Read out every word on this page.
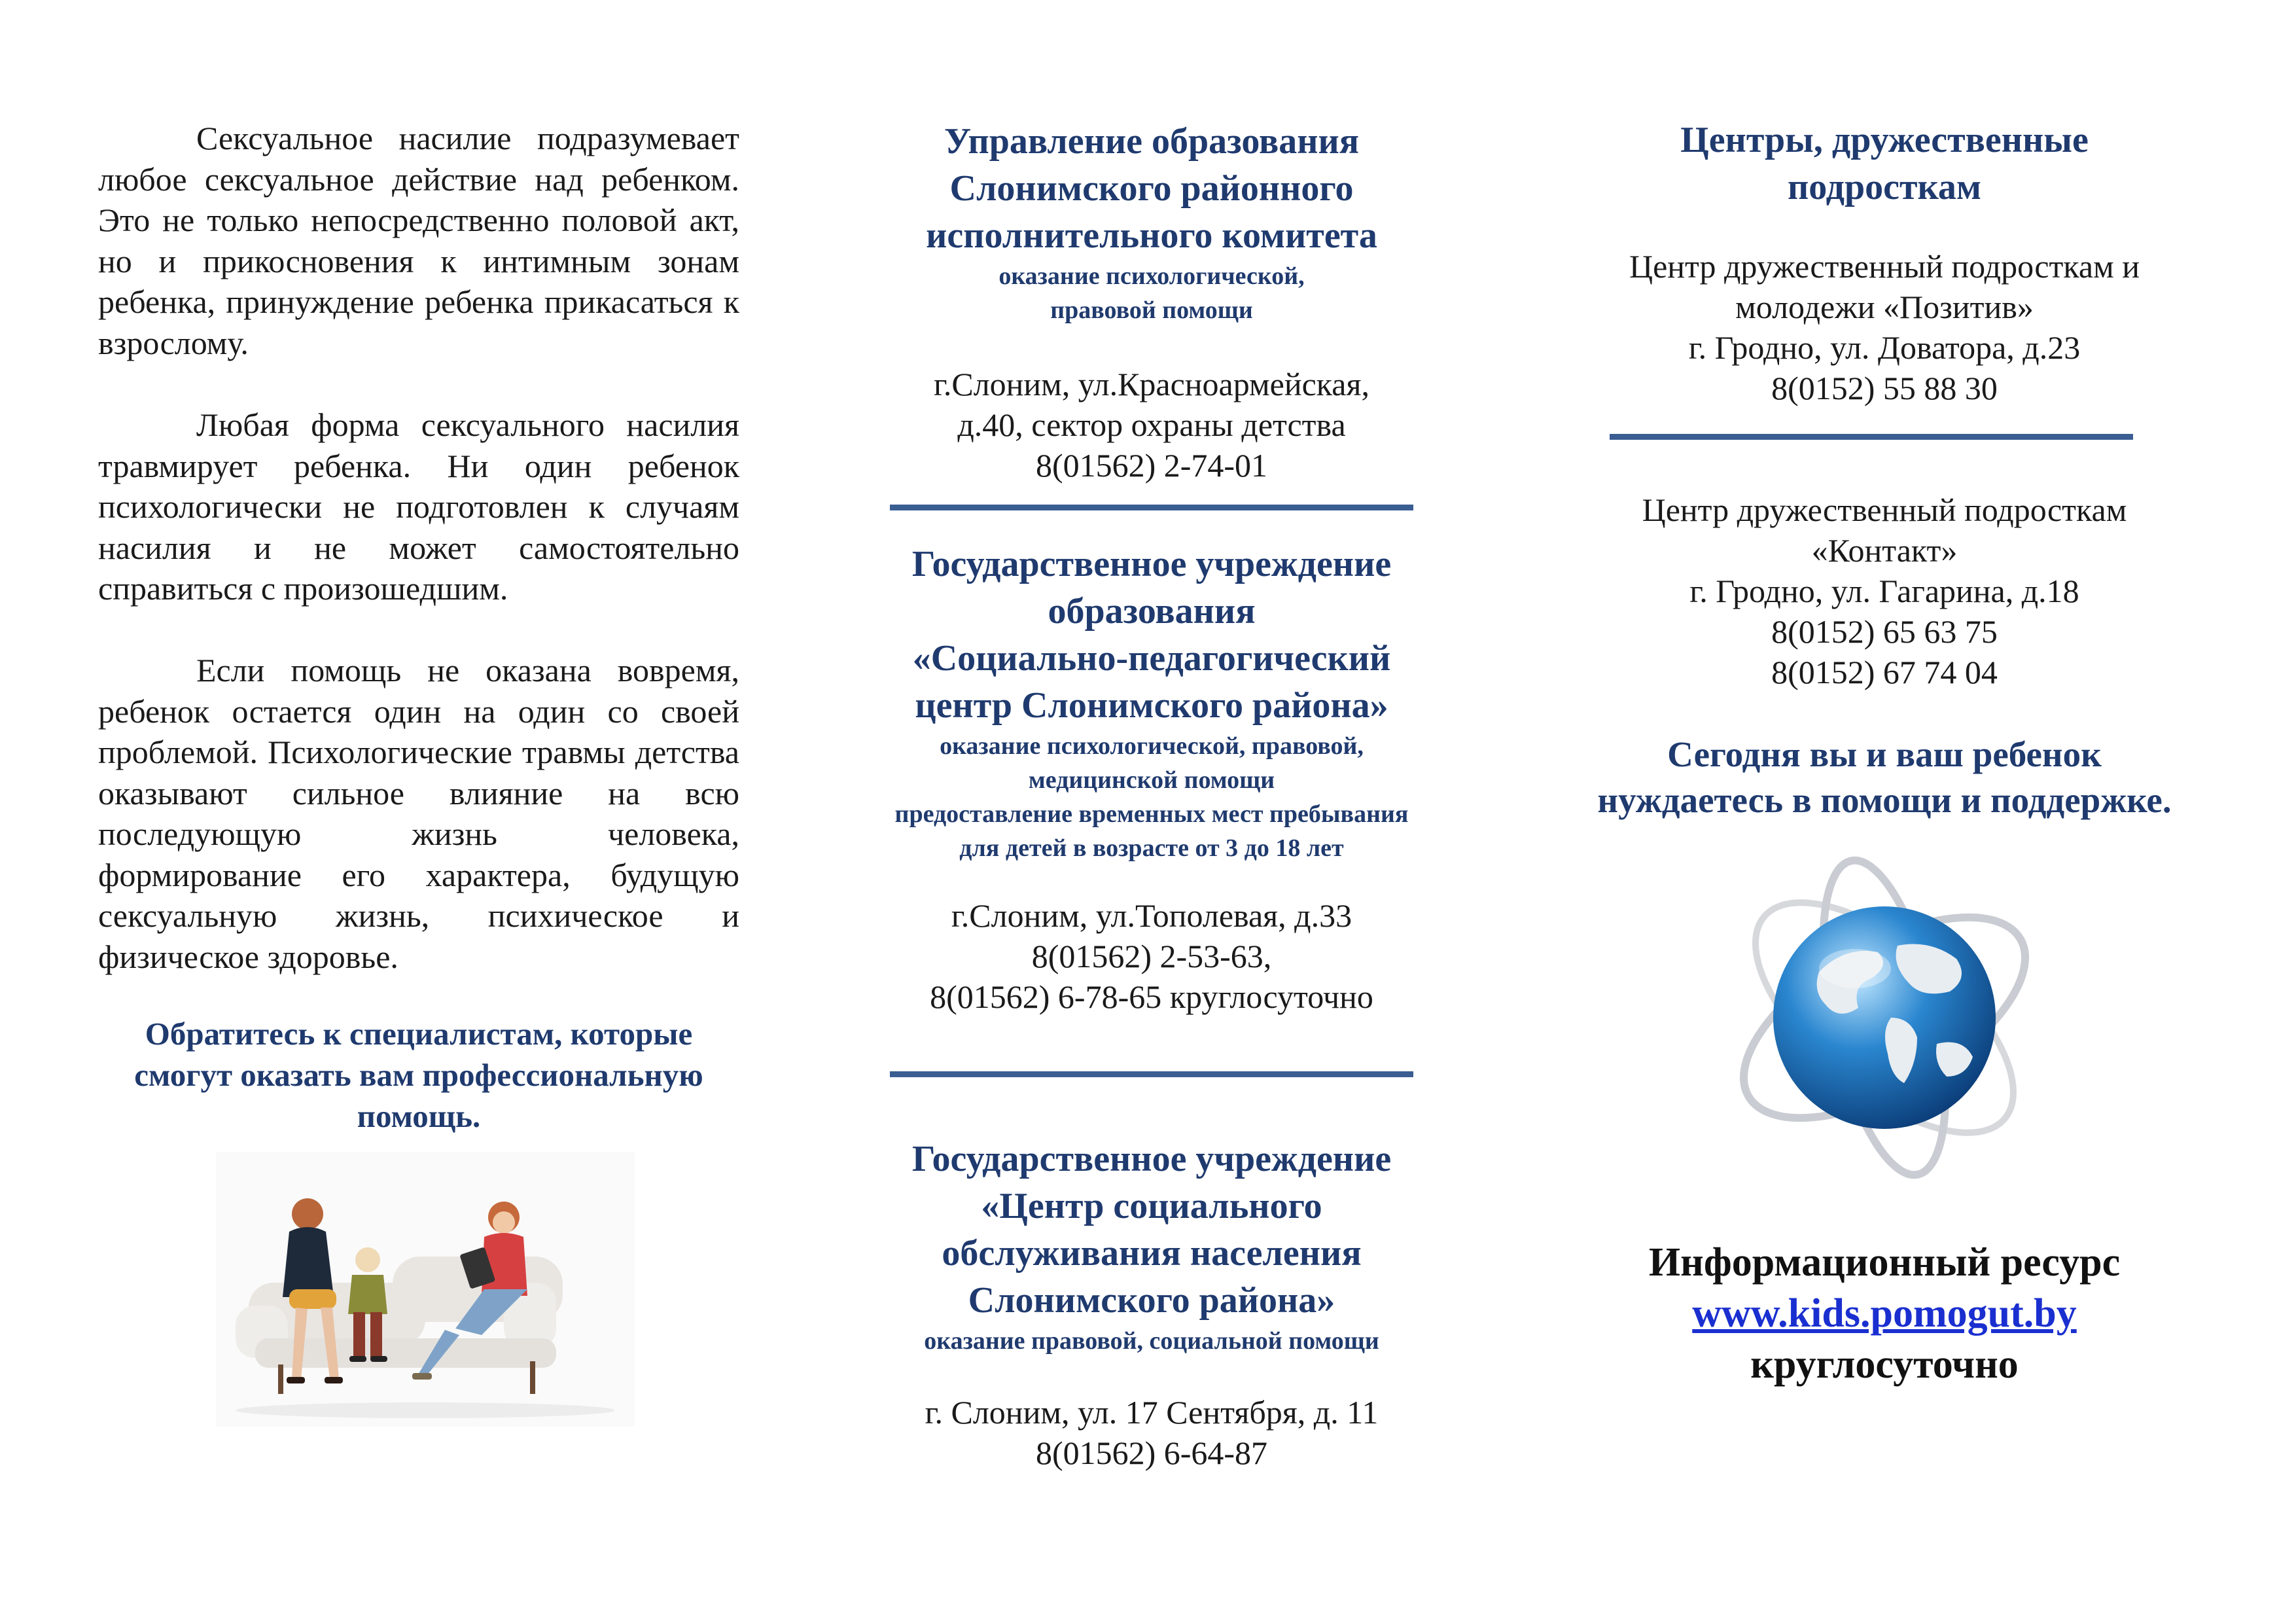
Сексуальное насилие подразумевает любое сексуальное действие над ребенком. Это не только непосредственно половой акт, но и прикосновения к интимным зонам ребенка, принуждение ребенка прикасаться к взрослому.

Любая форма сексуального насилия травмирует ребенка. Ни один ребенок психологически не подготовлен к случаям насилия и не может самостоятельно справиться с произошедшим.

Если помощь не оказана вовремя, ребенок остается один на один со своей проблемой. Психологические травмы детства оказывают сильное влияние на всю последующую жизнь человека, формирование его характера, будущую сексуальную жизнь, психическое и физическое здоровье.

Обратитесь к специалистам, которые смогут оказать вам профессиональную помощь.

Управление образования
Слонимского районного
исполнительного комитета
оказание психологической,
правовой помощи
г.Слоним, ул.Красноармейская,
д.40, сектор охраны детства
8(01562) 2-74-01
Государственное учреждение
образования
«Социально-педагогический
центр Слонимского района»
оказание психологической, правовой,
медицинской помощи
предоставление временных мест пребывания
для детей в возрасте от 3 до 18 лет
г.Слоним, ул.Тополевая, д.33
8(01562) 2-53-63,
8(01562) 6-78-65 круглосуточно
Государственное учреждение
«Центр социального
обслуживания населения
Слонимского района»
оказание правовой, социальной помощи
г. Слоним, ул. 17 Сентября, д. 11
8(01562) 6-64-87
Центры, дружественные
подросткам
Центр дружественный подросткам и
молодежи «Позитив»
г. Гродно, ул. Доватора, д.23
8(0152) 55 88 30
Центр дружественный подросткам
«Контакт»
г. Гродно, ул. Гагарина, д.18
8(0152) 65 63 75
8(0152) 67 74 04
Сегодня вы и ваш ребенок
нуждаетесь в помощи и поддержке.
Информационный ресурс
www.kids.pomogut.by
круглосуточно
